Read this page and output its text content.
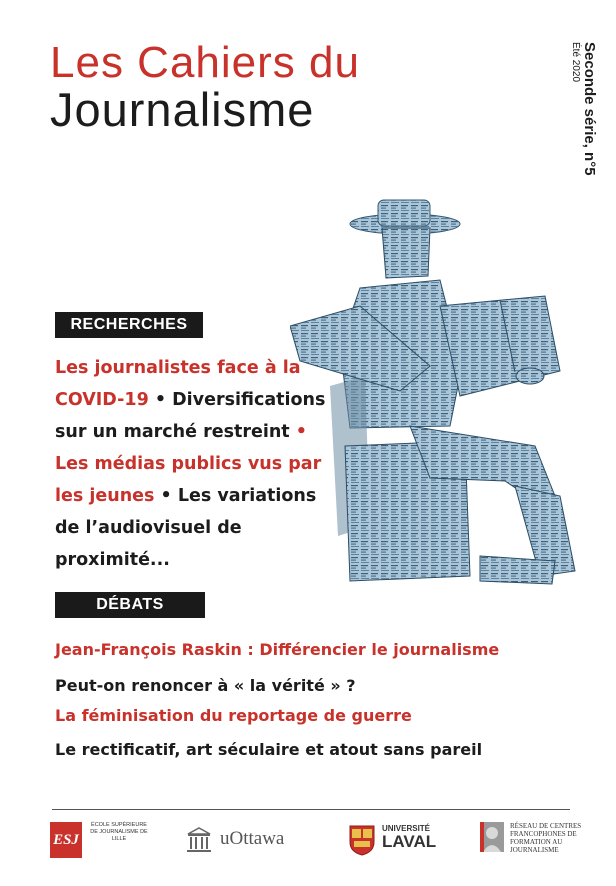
Les Cahiers du
Journalisme	Seconde série, n°5
Été 2020
RECHERCHES
Les journalistes face à la COVID-19 • Diversifications sur un marché restreint • Les médias publics vus par les jeunes • Les variations de l’audiovisuel de proximité...
DÉBATS
Jean-François Raskin : Différencier le journalisme
Peut-on renoncer à « la vérité » ?
La féminisation du reportage de guerre
Le rectificatif, art séculaire et atout sans pareil
ESJ
ÉCOLE SUPÉRIEURE DE JOURNALISME DE LILLE	uOttawa	UNIVERSITÉ
LAVAL
RÉSEAU DE CENTRES FRANCOPHONES DE FORMATION AU JOURNALISME
